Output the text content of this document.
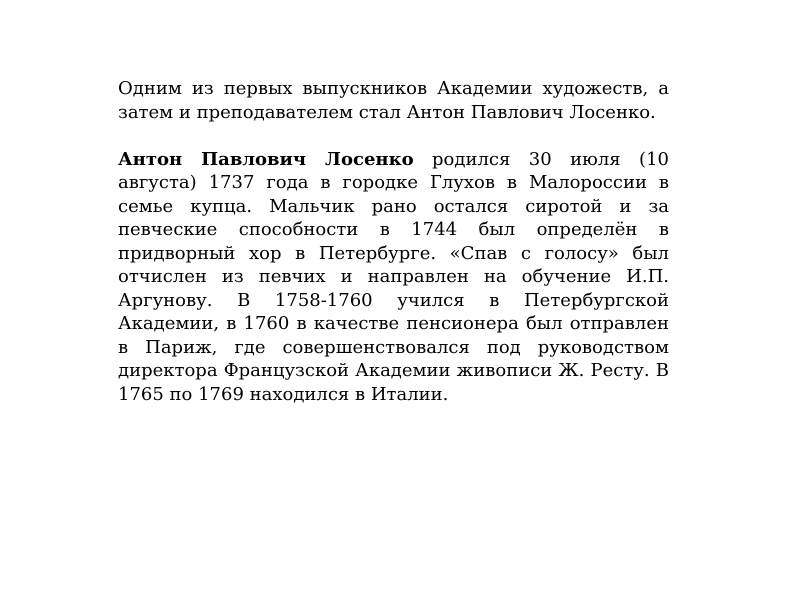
Одним из первых выпускников Академии художеств, а затем и преподавателем стал Антон Павлович Лосенко.

Антон Павлович Лосенко родился 30 июля (10 августа) 1737 года в городке Глухов в Малороссии в семье купца. Мальчик рано остался сиротой и за певческие способности в 1744 был определён в придворный хор в Петербурге. «Спав с голосу» был отчислен из певчих и направлен на обучение И.П. Аргунову. В 1758-1760 учился в Петербургской Академии, в 1760 в качестве пенсионера был отправлен в Париж, где совершенствовался под руководством директора Французской Академии живописи Ж. Ресту. В 1765 по 1769 находился в Италии.
